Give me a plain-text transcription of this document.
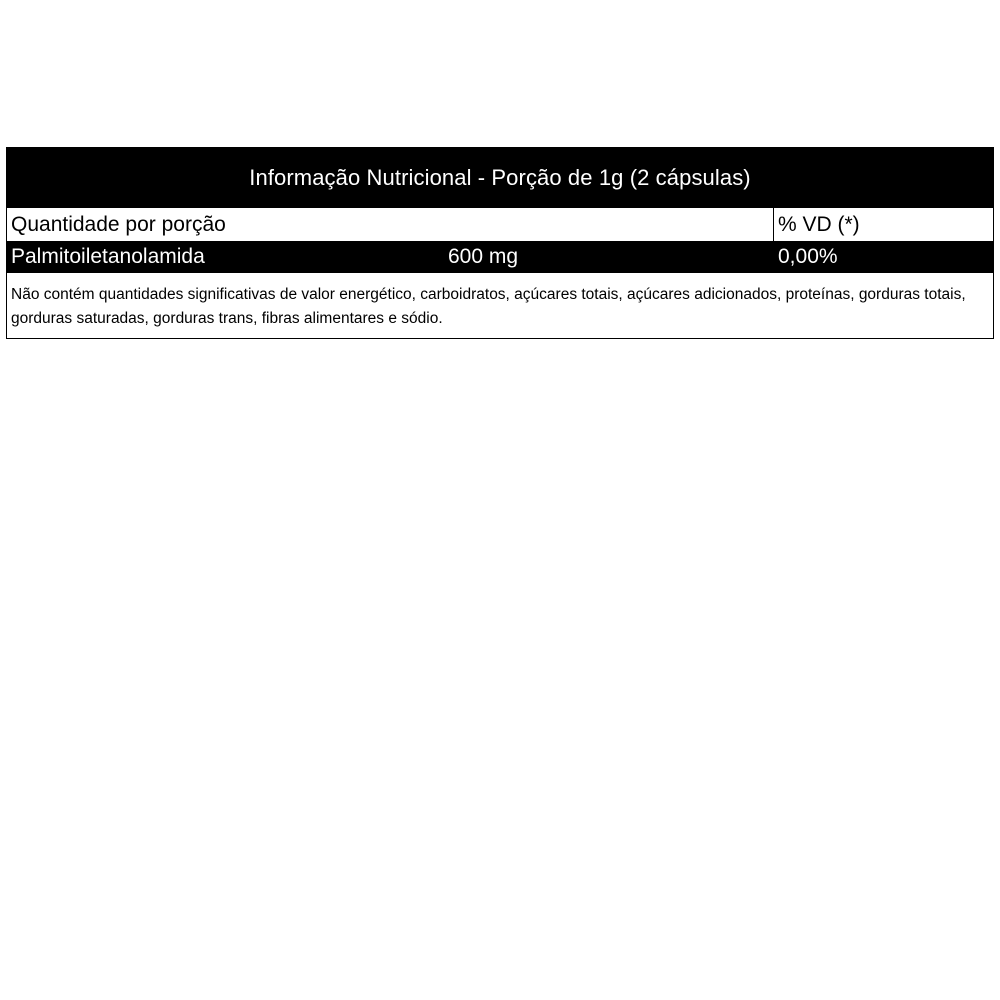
Informação Nutricional - Porção de 1g (2 cápsulas)
Quantidade por porção	% VD (*)
Palmitoiletanolamida	600 mg	0,00%
Não contém quantidades significativas de valor energético, carboidratos, açúcares totais, açúcares adicionados, proteínas, gorduras totais, gorduras saturadas, gorduras trans, fibras alimentares e sódio.
